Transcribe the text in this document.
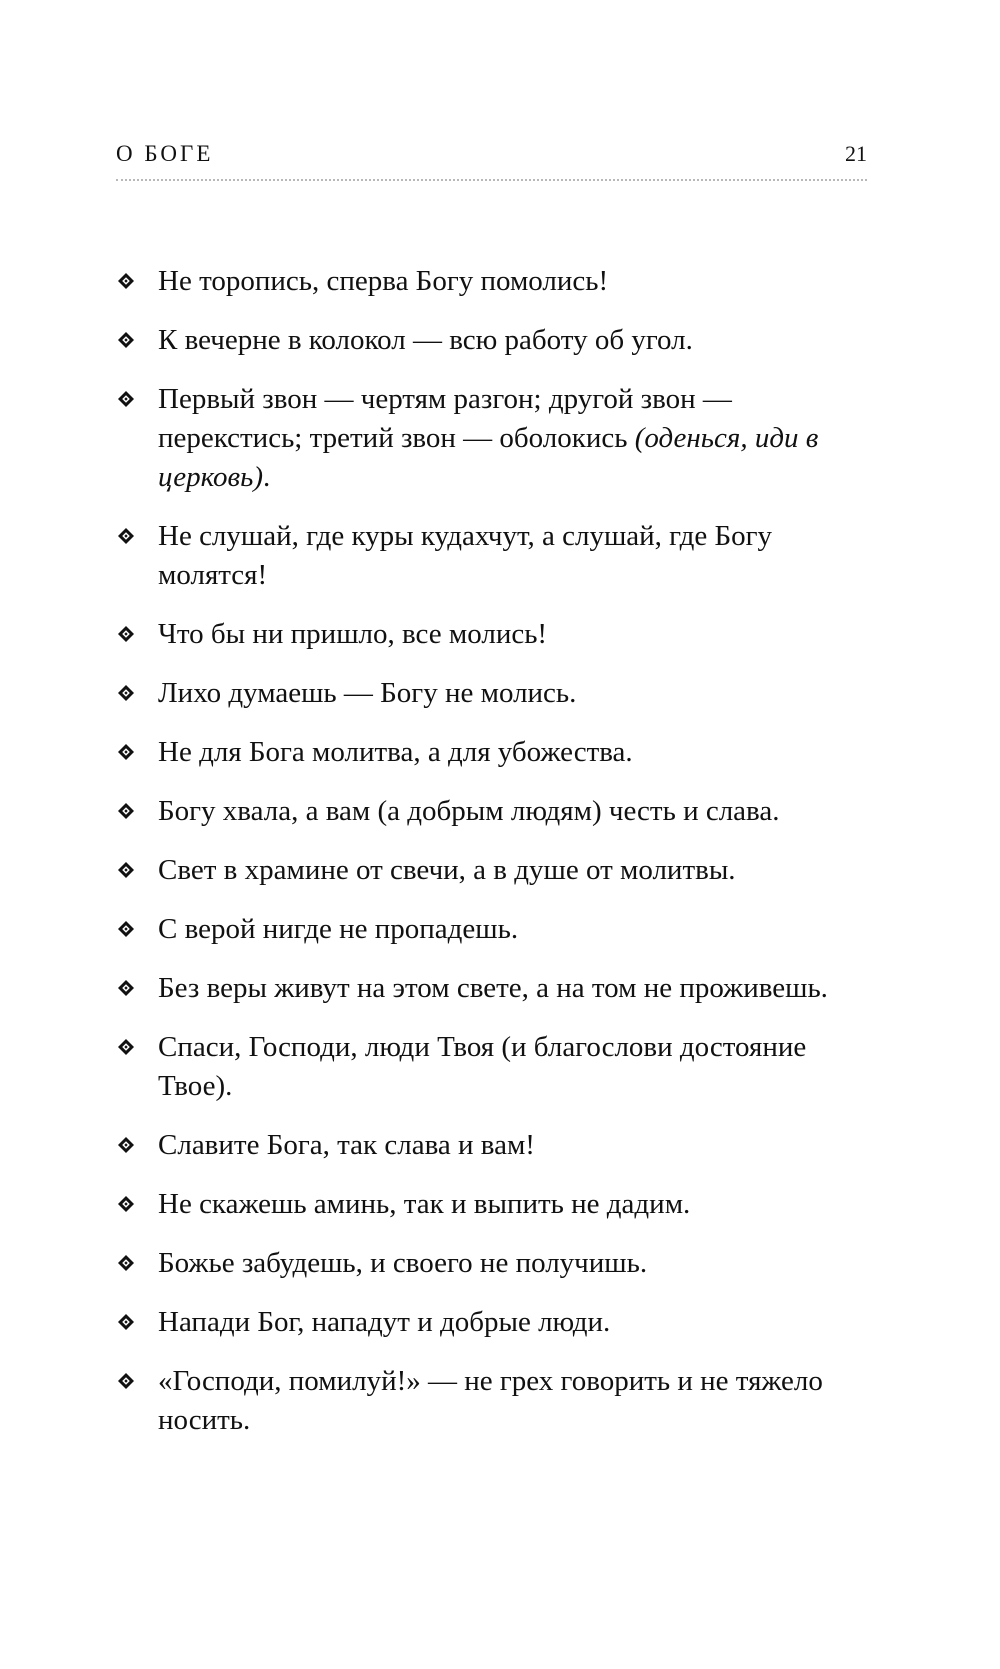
О БОГЕ	21
Не торопись, сперва Богу помолись!
К вечерне в колокол — всю работу об угол.
Первый звон — чертям разгон; другой звон — перекстись; третий звон — оболокись (оденься, иди в церковь).
Не слушай, где куры кудахчут, а слушай, где Богу молятся!
Что бы ни пришло, все молись!
Лихо думаешь — Богу не молись.
Не для Бога молитва, а для убожества.
Богу хвала, а вам (а добрым людям) честь и слава.
Свет в храмине от свечи, а в душе от молитвы.
С верой нигде не пропадешь.
Без веры живут на этом свете, а на том не проживешь.
Спаси, Господи, люди Твоя (и благослови достояние Твое).
Славите Бога, так слава и вам!
Не скажешь аминь, так и выпить не дадим.
Божье забудешь, и своего не получишь.
Напади Бог, нападут и добрые люди.
«Господи, помилуй!» — не грех говорить и не тяжело носить.
